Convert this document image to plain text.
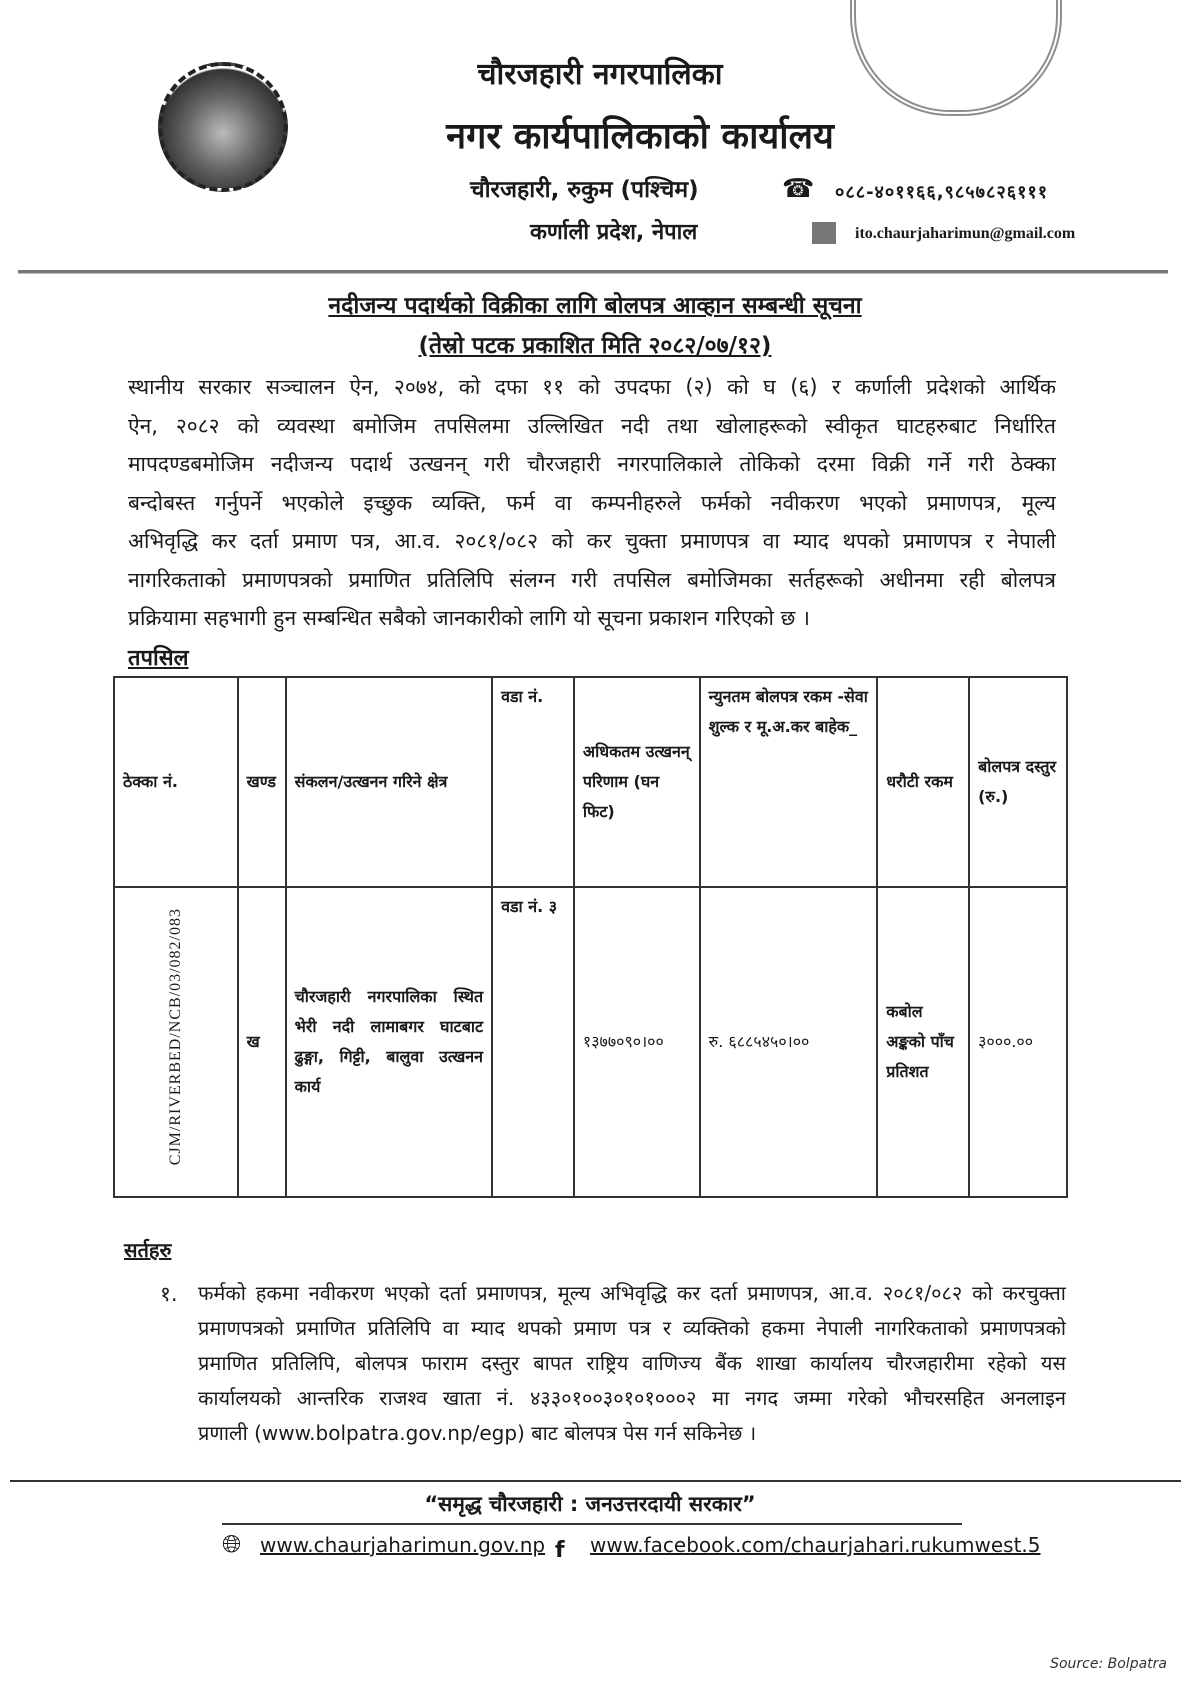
चौरजहारी नगरपालिका
नगर कार्यपालिकाको कार्यालय
चौरजहारी, रुकुम (पश्चिम)
कर्णाली प्रदेश, नेपाल
☎ ०८८-४०११६६,९८५७८२६१११
ito.chaurjaharimun@gmail.com
नदीजन्य पदार्थको विक्रीका लागि बोलपत्र आव्हान सम्बन्धी सूचना
(तेस्रो पटक प्रकाशित मिति २०८२/०७/१२)
स्थानीय सरकार सञ्चालन ऐन, २०७४, को दफा ११ को उपदफा (२) को घ (६) र कर्णाली प्रदेशको आर्थिक
ऐन, २०८२ को व्यवस्था बमोजिम तपसिलमा उल्लिखित नदी तथा खोलाहरूको स्वीकृत घाटहरुबाट निर्धारित
मापदण्डबमोजिम नदीजन्य पदार्थ उत्खनन् गरी चौरजहारी नगरपालिकाले तोकिको दरमा विक्री गर्ने गरी ठेक्का
बन्दोबस्त गर्नुपर्ने भएकोले इच्छुक व्यक्ति, फर्म वा कम्पनीहरुले फर्मको नवीकरण भएको प्रमाणपत्र, मूल्य
अभिवृद्धि कर दर्ता प्रमाण पत्र, आ.व. २०८१/०८२ को कर चुक्ता प्रमाणपत्र वा म्याद थपको प्रमाणपत्र र नेपाली
नागरिकताको प्रमाणपत्रको प्रमाणित प्रतिलिपि संलग्न गरी तपसिल बमोजिमका सर्तहरूको अधीनमा रही बोलपत्र
प्रक्रियामा सहभागी हुन सम्बन्धित सबैको जानकारीको लागि यो सूचना प्रकाशन गरिएको छ ।
तपसिल
ठेक्का नं.	खण्ड	संकलन/उत्खनन गरिने क्षेत्र	वडा नं.	अधिकतम उत्खनन् परिणाम (घन फिट)	न्युनतम बोलपत्र रकम -सेवा शुल्क र मू.अ.कर बाहेक_	धरौटी रकम	बोलपत्र दस्तुर (रु.)
CJM/RIVERBED/NCB/03/082/083	ख	चौरजहारी नगरपालिका स्थित भेरी नदी लामाबगर घाटबाट ढुङ्गा, गिट्टी, बालुवा उत्खनन कार्य	वडा नं. ३	१३७७०९०।००	रु. ६८८५४५०।००	कबोल अङ्कको पाँच प्रतिशत	३०००.००
सर्तहरु
१. फर्मको हकमा नवीकरण भएको दर्ता प्रमाणपत्र, मूल्य अभिवृद्धि कर दर्ता प्रमाणपत्र, आ.व. २०८१/०८२ को करचुक्ता
प्रमाणपत्रको प्रमाणित प्रतिलिपि वा म्याद थपको प्रमाण पत्र र व्यक्तिको हकमा नेपाली नागरिकताको प्रमाणपत्रको
प्रमाणित प्रतिलिपि, बोलपत्र फाराम दस्तुर बापत राष्ट्रिय वाणिज्य बैंक शाखा कार्यालय चौरजहारीमा रहेको यस
कार्यालयको आन्तरिक राजश्व खाता नं. ४३३०१००३०१०१०००२ मा नगद जम्मा गरेको भौचरसहित अनलाइन
प्रणाली (www.bolpatra.gov.np/egp) बाट बोलपत्र पेस गर्न सकिनेछ ।
“समृद्ध चौरजहारी : जनउत्तरदायी सरकार”
🌐︎ www.chaurjaharimun.gov.np f www.facebook.com/chaurjahari.rukumwest.5
Source: Bolpatra
